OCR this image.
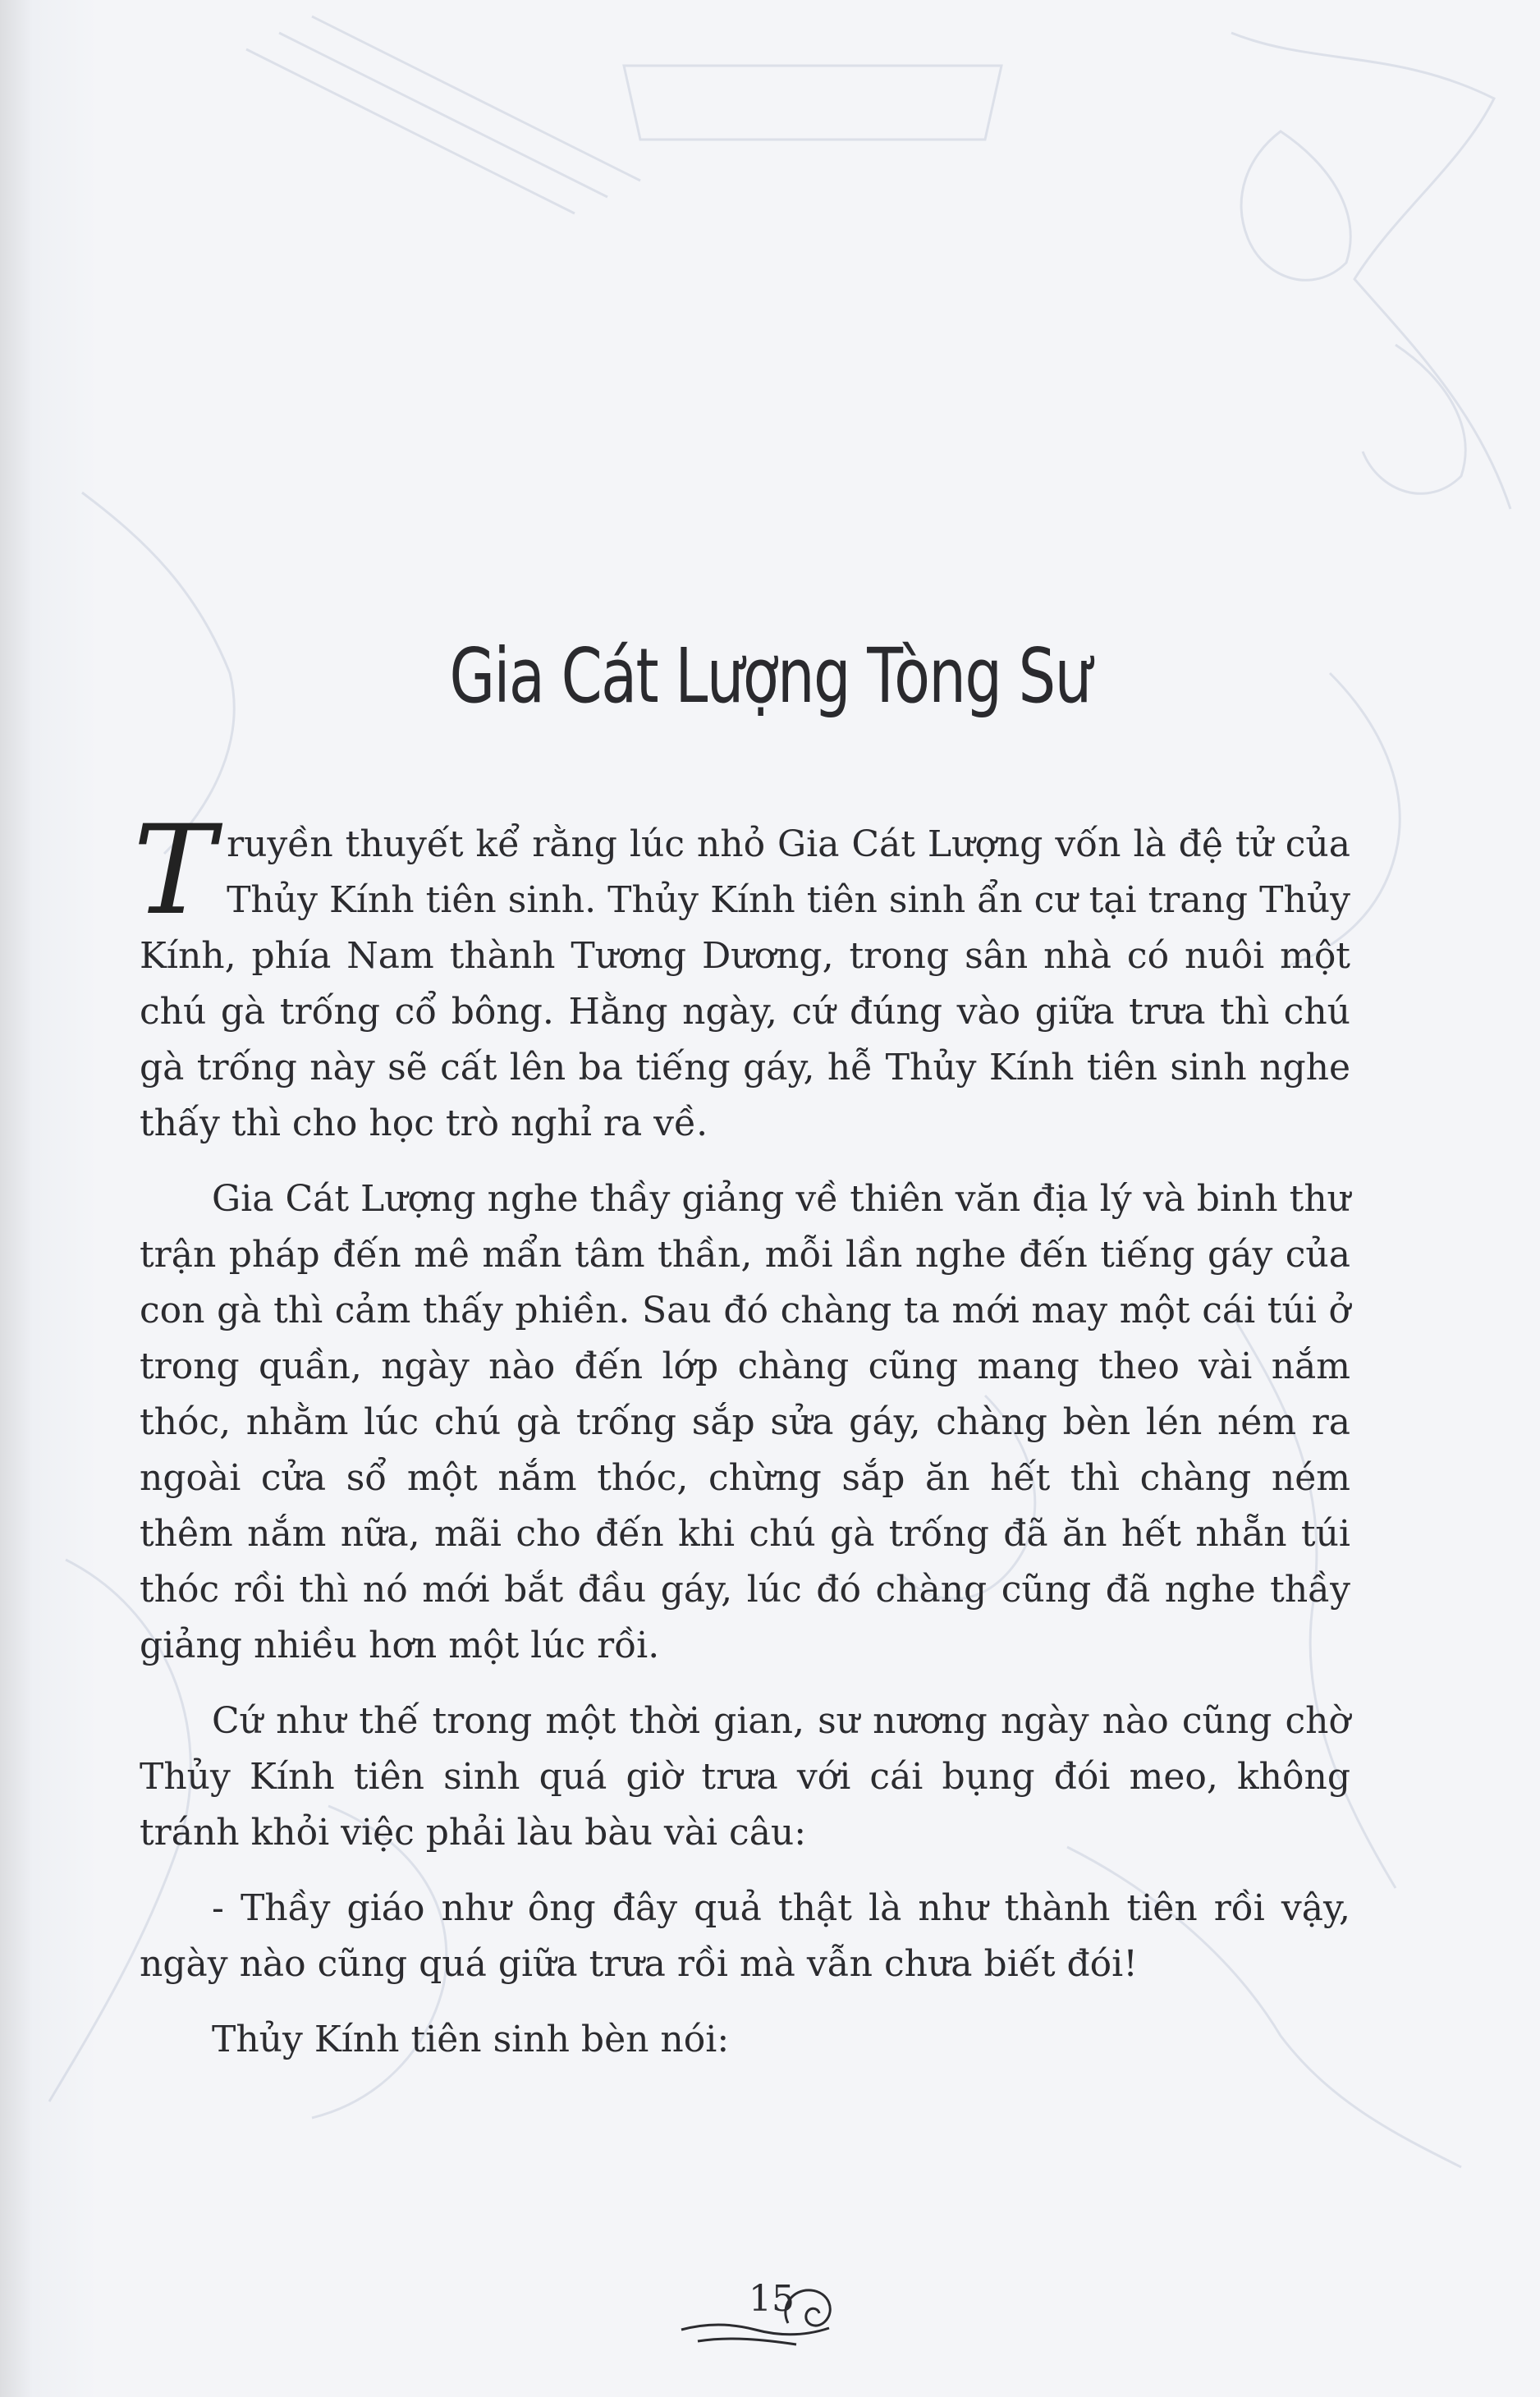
Gia Cát Lượng Tòng Sư

Truyền thuyết kể rằng lúc nhỏ Gia Cát Lượng vốn là đệ tử của Thủy Kính tiên sinh. Thủy Kính tiên sinh ẩn cư tại trang Thủy Kính, phía Nam thành Tương Dương, trong sân nhà có nuôi một chú gà trống cổ bông. Hằng ngày, cứ đúng vào giữa trưa thì chú gà trống này sẽ cất lên ba tiếng gáy, hễ Thủy Kính tiên sinh nghe thấy thì cho học trò nghỉ ra về.

Gia Cát Lượng nghe thầy giảng về thiên văn địa lý và binh thư trận pháp đến mê mẩn tâm thần, mỗi lần nghe đến tiếng gáy của con gà thì cảm thấy phiền. Sau đó chàng ta mới may một cái túi ở trong quần, ngày nào đến lớp chàng cũng mang theo vài nắm thóc, nhằm lúc chú gà trống sắp sửa gáy, chàng bèn lén ném ra ngoài cửa sổ một nắm thóc, chừng sắp ăn hết thì chàng ném thêm nắm nữa, mãi cho đến khi chú gà trống đã ăn hết nhẵn túi thóc rồi thì nó mới bắt đầu gáy, lúc đó chàng cũng đã nghe thầy giảng nhiều hơn một lúc rồi.

Cứ như thế trong một thời gian, sư nương ngày nào cũng chờ Thủy Kính tiên sinh quá giờ trưa với cái bụng đói meo, không tránh khỏi việc phải làu bàu vài câu:

- Thầy giáo như ông đây quả thật là như thành tiên rồi vậy, ngày nào cũng quá giữa trưa rồi mà vẫn chưa biết đói!

Thủy Kính tiên sinh bèn nói:

15
